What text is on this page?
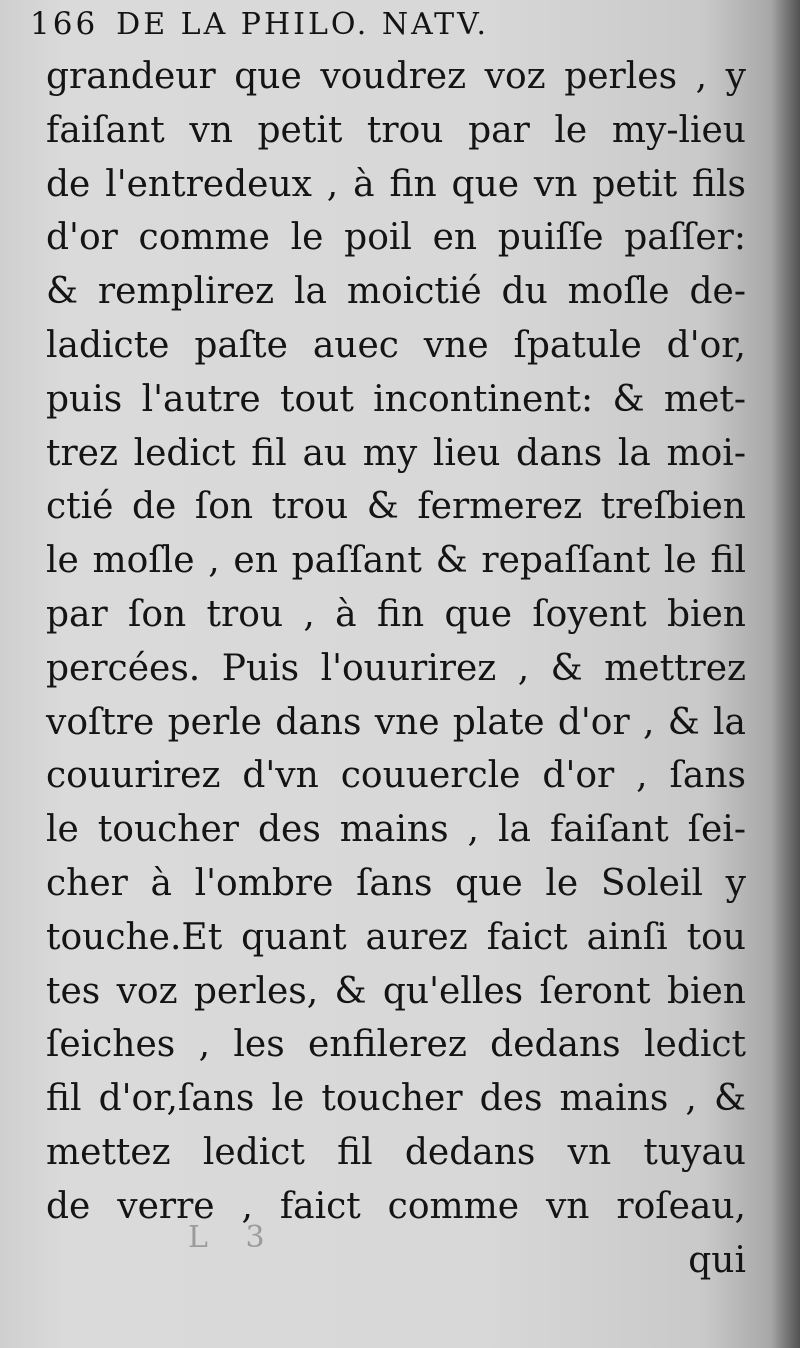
166 DE LA PHILO. NATV.
grandeur que voudrez voz perles , y
faiſant vn petit trou par le my-lieu
de l'entredeux , à fin que vn petit fils
d'or comme le poil en puiſſe paſſer:
& remplirez la moictié du moſle de-
ladicte paſte auec vne ſpatule d'or,
puis l'autre tout incontinent: & met-
trez ledict fil au my lieu dans la moi-
ctié de ſon trou & fermerez treſbien
le moſle , en paſſant & repaſſant le fil
par ſon trou , à fin que ſoyent bien
percées. Puis l'ouurirez , & mettrez
voſtre perle dans vne plate d'or , & la
couurirez d'vn couuercle d'or , ſans
le toucher des mains , la faiſant ſei-
cher à l'ombre ſans que le Soleil y
touche.Et quant aurez faict ainſi tou
tes voz perles, & qu'elles ſeront bien
ſeiches , les enfilerez dedans ledict
fil d'or,ſans le toucher des mains , &
mettez ledict fil dedans vn tuyau
de verre , faict comme vn roſeau,
qui
L 3
